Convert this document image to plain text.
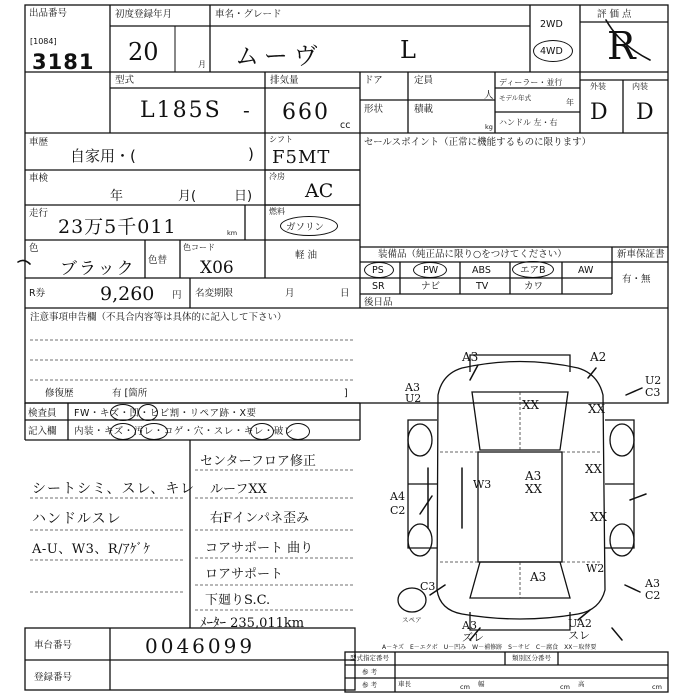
出品番号
[1084]
3181
初度登録年月
20	月
車名・グレード
ムーヴ	L
2WD
4WD
評価点
R
外装	内装
D D
型式
L185S -
排気量
660
cc
ドア	定員
人
形状	積載
kg
ディーラー・並行
モデル年式	年
ハンドル 左・右
車歴
自家用・(	)
車検
年	月(	日)
走行
23万5千011	km
色
ブラック 色替
色コード
X06
R券	9,260 円 名変期限	月	日
シフト
F5MT
冷房
AC
燃料
ガソリン
軽 油
セールスポイント（正常に機能するものに限ります）
装備品（純正品に限り○をつけてください）	新車保証書
有・無
PS	PW	ABS	エアB	AW
SR	ナビ	TV	カワ
後日品
注意事項申告欄（不具合内容等は具体的に記入して下さい）
修復歴	有 [箇所	]
検査員
記入欄
FW・キズ・凹・ヒビ割・リペア跡・X要
内装・キズ・汚レ・コゲ・穴・スレ・キレ・破レ
シートシミ、スレ、キレ
ハンドルスレ
A-U、W3、R/ｱｹﾞｹ
センターフロア修正
ルーフXX
右Fインパネ歪み
コアサポート 曲り
ロアサポート
下廻りS.C.
ﾒｰﾀｰ 235,011km
A3	A2
A3 U2	XX	XX
U2 C3
W3
A3 XX
XX
A4 C2	XX
A3
W2
C3	A3 C2
A3 ズレ
UA2 スレ
スペア
A－キズ　E－エクボ　U－凹み　W－補修跡　S－サビ　C－腐食　XX－取替要
車台番号	0046099
登録番号
型式指定番号	類別区分番号
参 考
参 考	車長	cm 幅	cm 高	cm
